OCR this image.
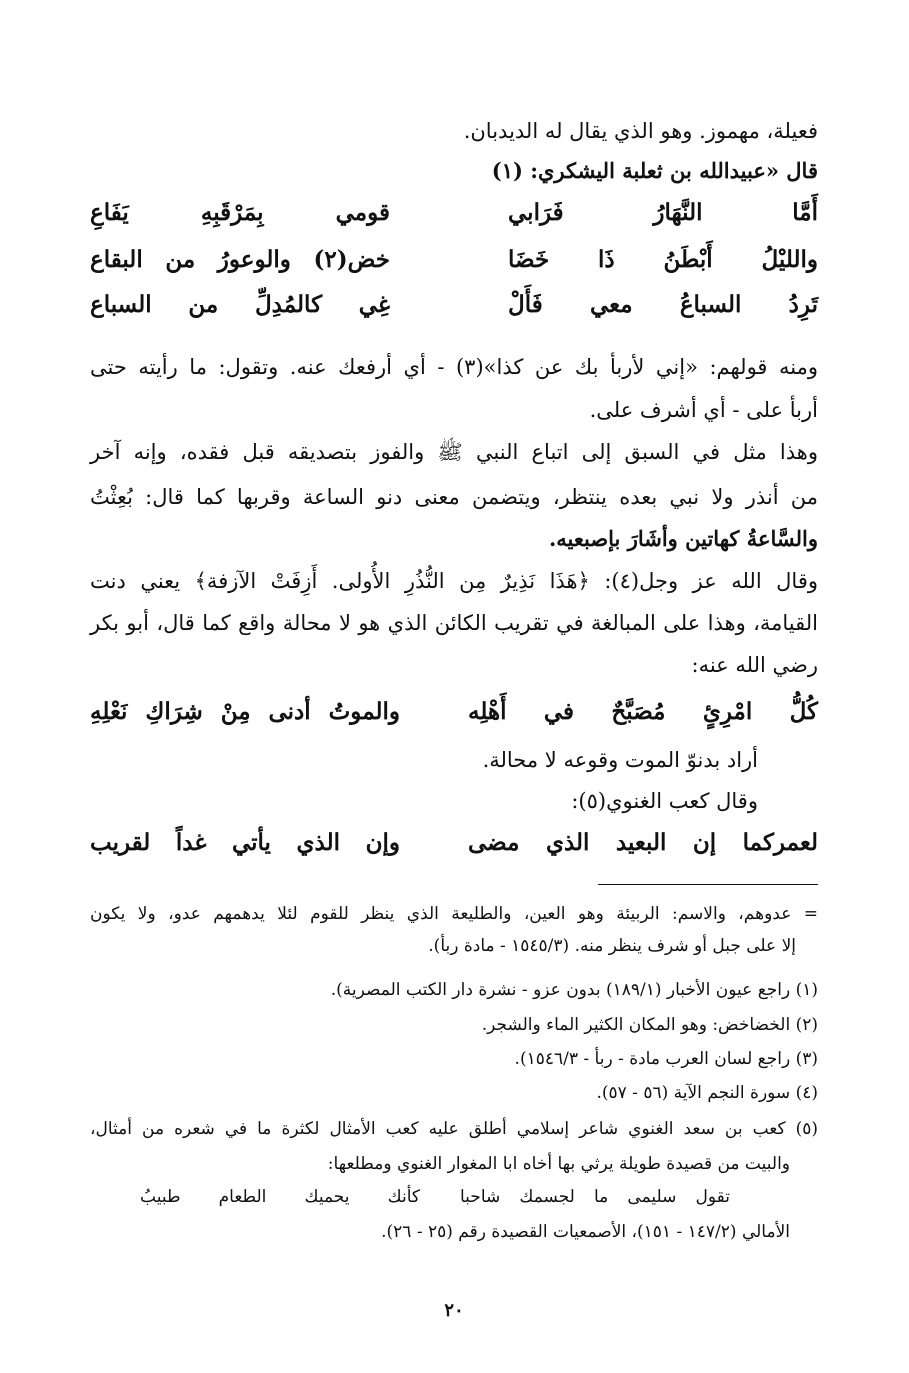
فعيلة، مهموز. وهو الذي يقال له الديدبان.
قال «عبيدالله بن ثعلبة اليشكري: (١)
أَمَّا النَّهَارُ فَرَابي
قومي بِمَرْقَبِهِ يَفَاعِ
والليْلُ أَبْطَنُ ذَا خَضَا
خض(٢) والوعورُ من البقاع
تَرِدُ السباعُ معي فَأَلْ
غِي كالمُدِلِّ من السباع
ومنه قولهم: «إني لأربأ بك عن كذا»(٣) - أي أرفعك عنه. وتقول: ما رأيته حتى
أربأ على - أي أشرف على.
وهذا مثل في السبق إلى اتباع النبي ﷺ والفوز بتصديقه قبل فقده، وإنه آخر
من أنذر ولا نبي بعده ينتظر، ويتضمن معنى دنو الساعة وقربها كما قال: بُعِثْتُ
والسَّاعةُ كهاتين وأشَارَ بإصبعيه.
وقال الله عز وجل(٤): ﴿هَذَا نَذِيرٌ مِن النُّذُرِ الأُولى. أَزِفَتْ الآزفة﴾ يعني دنت
القيامة، وهذا على المبالغة في تقريب الكائن الذي هو لا محالة واقع كما قال، أبو بكر
رضي الله عنه:
كُلُّ امْرِئٍ مُصَبَّحٌ في أَهْلِه
والموتُ أدنى مِنْ شِرَاكِ نَعْلِهِ
أراد بدنوّ الموت وقوعه لا محالة.
وقال كعب الغنوي(٥):
لعمركما إن البعيد الذي مضى
وإن الذي يأتي غداً لقريب
= عدوهم، والاسم: الربيئة وهو العين، والطليعة الذي ينظر للقوم لئلا يدهمهم عدو، ولا يكون
إلا على جبل أو شرف ينظر منه. (١٥٤٥/٣ - مادة ربأ).
(١) راجع عيون الأخبار (١٨٩/١) بدون عزو - نشرة دار الكتب المصرية).
(٢) الخضاخض: وهو المكان الكثير الماء والشجر.
(٣) راجع لسان العرب مادة - ربأ - ١٥٤٦/٣).
(٤) سورة النجم الآية (٥٦ - ٥٧).
(٥) كعب بن سعد الغنوي شاعر إسلامي أطلق عليه كعب الأمثال لكثرة ما في شعره من أمثال،
والبيت من قصيدة طويلة يرثي بها أخاه ابا المغوار الغنوي ومطلعها:
تقول سليمى ما لجسمك شاحبا
كأنك يحميك الطعام طبيبُ
الأمالي (١٤٧/٢ - ١٥١)، الأصمعيات القصيدة رقم (٢٥ - ٢٦).
٢٠
